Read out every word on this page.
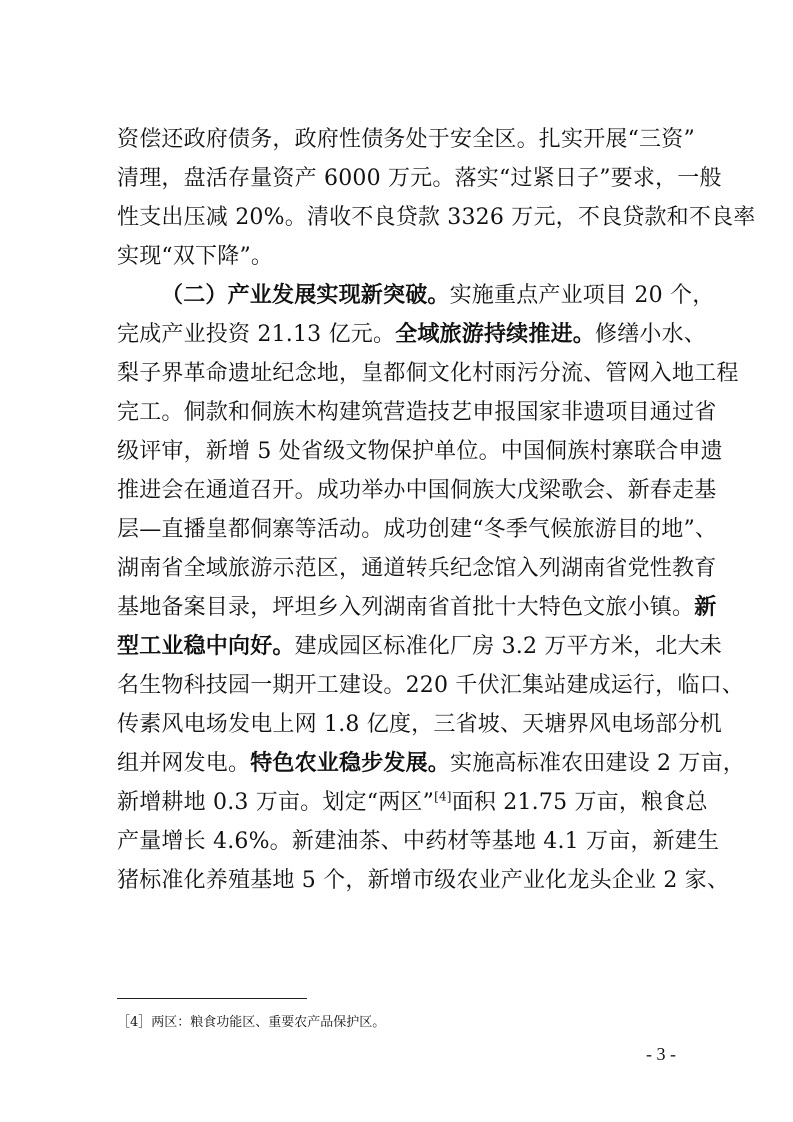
资偿还政府债务，政府性债务处于安全区。扎实开展“三资”
清理，盘活存量资产 6000 万元。落实“过紧日子”要求，一般
性支出压减 20%。清收不良贷款 3326 万元，不良贷款和不良率
实现“双下降”。
（二）产业发展实现新突破。实施重点产业项目 20 个，
完成产业投资 21.13 亿元。全域旅游持续推进。修缮小水、
梨子界革命遗址纪念地，皇都侗文化村雨污分流、管网入地工程
完工。侗款和侗族木构建筑营造技艺申报国家非遗项目通过省
级评审，新增 5 处省级文物保护单位。中国侗族村寨联合申遗
推进会在通道召开。成功举办中国侗族大戊梁歌会、新春走基
层—直播皇都侗寨等活动。成功创建“冬季气候旅游目的地”、
湖南省全域旅游示范区，通道转兵纪念馆入列湖南省党性教育
基地备案目录，坪坦乡入列湖南省首批十大特色文旅小镇。新
型工业稳中向好。建成园区标准化厂房 3.2 万平方米，北大未
名生物科技园一期开工建设。220 千伏汇集站建成运行，临口、
传素风电场发电上网 1.8 亿度，三省坡、天塘界风电场部分机
组并网发电。特色农业稳步发展。实施高标准农田建设 2 万亩，
新增耕地 0.3 万亩。划定“两区”[4]面积 21.75 万亩，粮食总
产量增长 4.6%。新建油茶、中药材等基地 4.1 万亩，新建生
猪标准化养殖基地 5 个，新增市级农业产业化龙头企业 2 家、
［4］两区：粮食功能区、重要农产品保护区。
- 3 -
